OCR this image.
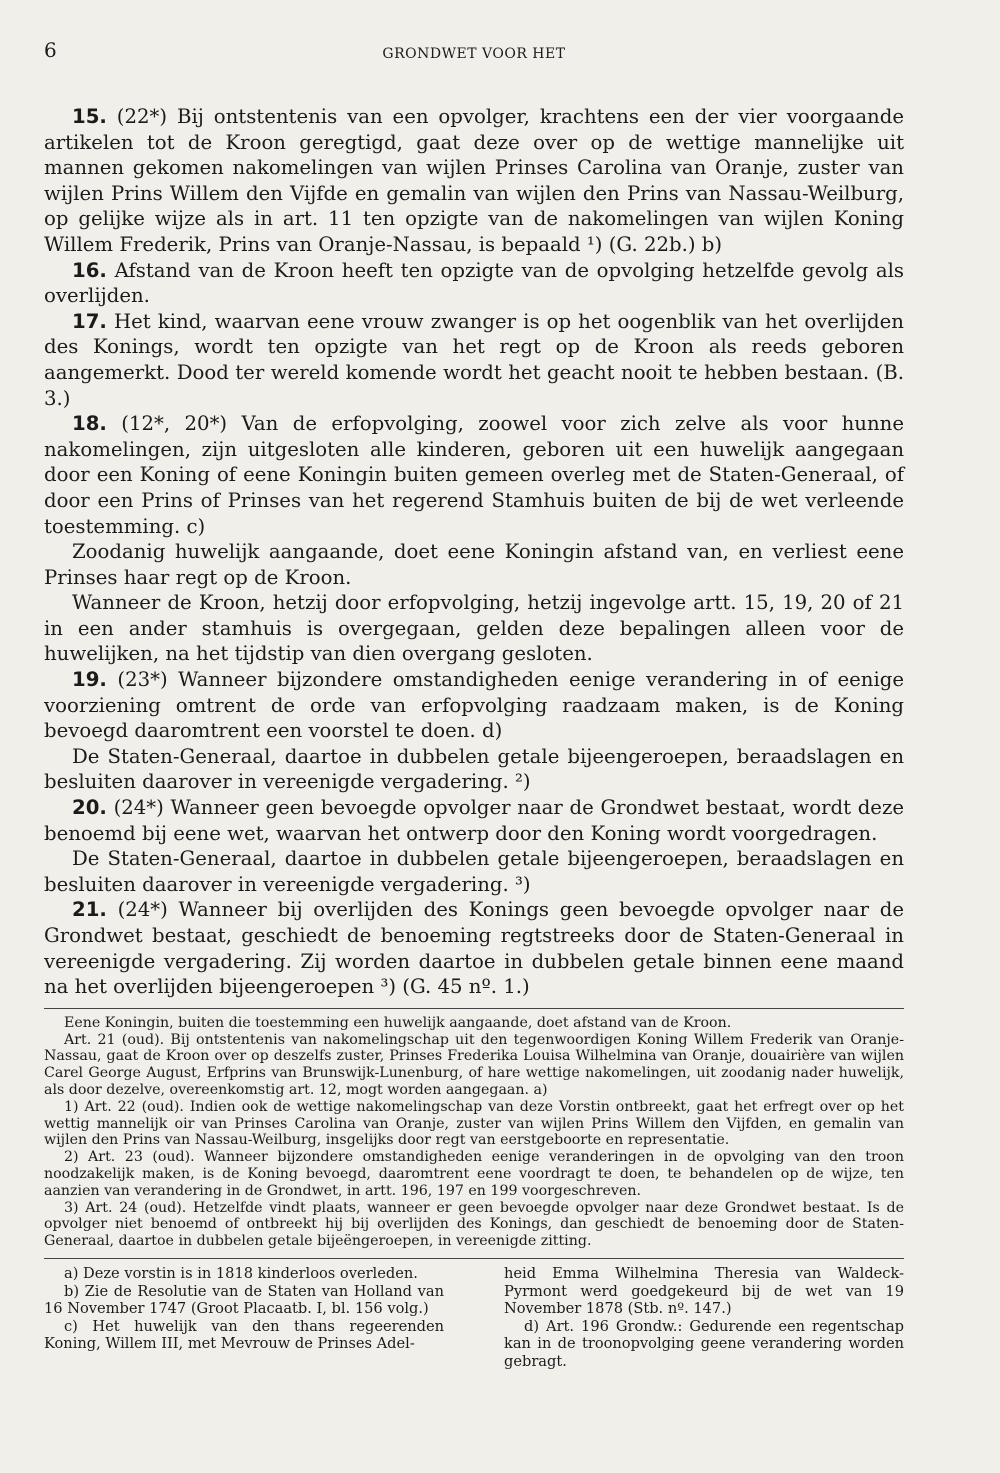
6	GRONDWET VOOR HET

15. (22*) Bij ontstentenis van een opvolger, krachtens een der vier voorgaande artikelen tot de Kroon geregtigd, gaat deze over op de wettige mannelijke uit mannen gekomen nakomelingen van wijlen Prinses Carolina van Oranje, zuster van wijlen Prins Willem den Vijfde en gemalin van wijlen den Prins van Nassau-Weilburg, op gelijke wijze als in art. 11 ten opzigte van de nakomelingen van wijlen Koning Willem Frederik, Prins van Oranje-Nassau, is bepaald ¹) (G. 22b.) b)

16. Afstand van de Kroon heeft ten opzigte van de opvolging hetzelfde gevolg als overlijden.

17. Het kind, waarvan eene vrouw zwanger is op het oogenblik van het overlijden des Konings, wordt ten opzigte van het regt op de Kroon als reeds geboren aangemerkt. Dood ter wereld komende wordt het geacht nooit te hebben bestaan. (B. 3.)

18. (12*, 20*) Van de erfopvolging, zoowel voor zich zelve als voor hunne nakomelingen, zijn uitgesloten alle kinderen, geboren uit een huwelijk aangegaan door een Koning of eene Koningin buiten gemeen overleg met de Staten-Generaal, of door een Prins of Prinses van het regerend Stamhuis buiten de bij de wet verleende toestemming. c)

Zoodanig huwelijk aangaande, doet eene Koningin afstand van, en verliest eene Prinses haar regt op de Kroon.

Wanneer de Kroon, hetzij door erfopvolging, hetzij ingevolge artt. 15, 19, 20 of 21 in een ander stamhuis is overgegaan, gelden deze bepalingen alleen voor de huwelijken, na het tijdstip van dien overgang gesloten.

19. (23*) Wanneer bijzondere omstandigheden eenige verandering in of eenige voorziening omtrent de orde van erfopvolging raadzaam maken, is de Koning bevoegd daaromtrent een voorstel te doen. d)

De Staten-Generaal, daartoe in dubbelen getale bijeengeroepen, beraadslagen en besluiten daarover in vereenigde vergadering. ²)

20. (24*) Wanneer geen bevoegde opvolger naar de Grondwet bestaat, wordt deze benoemd bij eene wet, waarvan het ontwerp door den Koning wordt voorgedragen.

De Staten-Generaal, daartoe in dubbelen getale bijeengeroepen, beraadslagen en besluiten daarover in vereenigde vergadering. ³)

21. (24*) Wanneer bij overlijden des Konings geen bevoegde opvolger naar de Grondwet bestaat, geschiedt de benoeming regtstreeks door de Staten-Generaal in vereenigde vergadering. Zij worden daartoe in dubbelen getale binnen eene maand na het overlijden bijeengeroepen ³) (G. 45 nº. 1.)

Eene Koningin, buiten die toestemming een huwelijk aangaande, doet afstand van de Kroon.

Art. 21 (oud). Bij ontstentenis van nakomelingschap uit den tegenwoordigen Koning Willem Frederik van Oranje-Nassau, gaat de Kroon over op deszelfs zuster, Prinses Frederika Louisa Wilhelmina van Oranje, douairière van wijlen Carel George August, Erfprins van Brunswijk-Lunenburg, of hare wettige nakomelingen, uit zoodanig nader huwelijk, als door dezelve, overeenkomstig art. 12, mogt worden aangegaan. a)

1) Art. 22 (oud). Indien ook de wettige nakomelingschap van deze Vorstin ontbreekt, gaat het erfregt over op het wettig mannelijk oir van Prinses Carolina van Oranje, zuster van wijlen Prins Willem den Vijfden, en gemalin van wijlen den Prins van Nassau-Weilburg, insgelijks door regt van eerstgeboorte en representatie.

2) Art. 23 (oud). Wanneer bijzondere omstandigheden eenige veranderingen in de opvolging van den troon noodzakelijk maken, is de Koning bevoegd, daaromtrent eene voordragt te doen, te behandelen op de wijze, ten aanzien van verandering in de Grondwet, in artt. 196, 197 en 199 voorgeschreven.

3) Art. 24 (oud). Hetzelfde vindt plaats, wanneer er geen bevoegde opvolger naar deze Grondwet bestaat. Is de opvolger niet benoemd of ontbreekt hij bij overlijden des Konings, dan geschiedt de benoeming door de Staten-Generaal, daartoe in dubbelen getale bijeëngeroepen, in vereenigde zitting.

a) Deze vorstin is in 1818 kinderloos overleden.

b) Zie de Resolutie van de Staten van Holland van 16 November 1747 (Groot Placaatb. I, bl. 156 volg.)

c) Het huwelijk van den thans regeerenden Koning, Willem III, met Mevrouw de Prinses Adel-

heid Emma Wilhelmina Theresia van Waldeck-Pyrmont werd goedgekeurd bij de wet van 19 November 1878 (Stb. nº. 147.)

d) Art. 196 Grondw.: Gedurende een regentschap kan in de troonopvolging geene verandering worden gebragt.
